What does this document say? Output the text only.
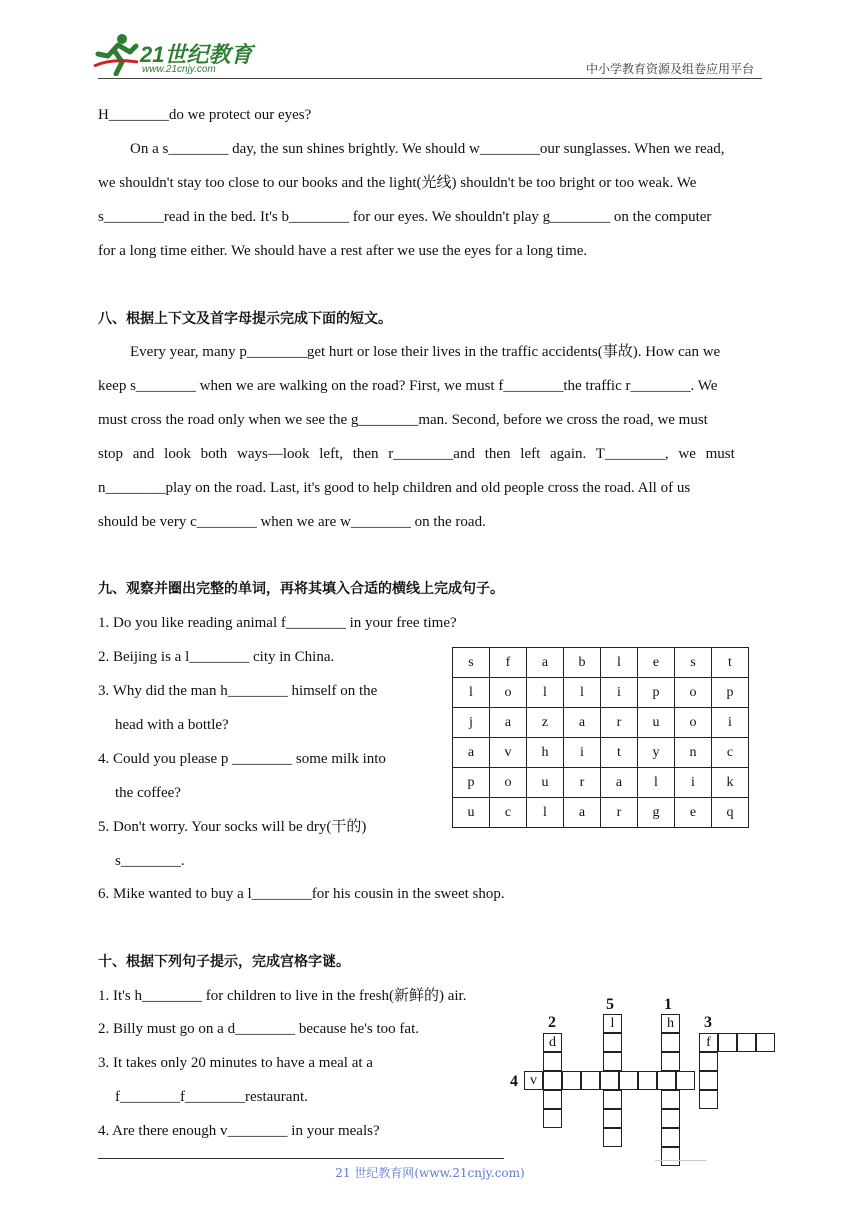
21世纪教育
www.21cnjy.com	中小学教育资源及组卷应用平台

H________do we protect our eyes?

On a s________ day, the sun shines brightly. We should w________our sunglasses. When we read,

we shouldn't stay too close to our books and the light(光线) shouldn't be too bright or too weak. We

s________read in the bed. It's b________ for our eyes. We shouldn't play g________ on the computer

for a long time either. We should have a rest after we use the eyes for a long time.

八、根据上下文及首字母提示完成下面的短文。

Every year, many p________get hurt or lose their lives in the traffic accidents(事故). How can we

keep s________ when we are walking on the road? First, we must f________the traffic r________. We

must cross the road only when we see the g________man. Second, before we cross the road, we must

stop and look both ways—look left, then r________and then left again. T________, we must

n________play on the road. Last, it's good to help children and old people cross the road. All of us

should be very c________ when we are w________ on the road.

九、观察并圈出完整的单词，再将其填入合适的横线上完成句子。

1. Do you like reading animal f________ in your free time?

2. Beijing is a l________ city in China.

3. Why did the man h________ himself on the

head with a bottle?

4. Could you please p ________ some milk into

the coffee?

5. Don't worry. Your socks will be dry(干的)

s________.

6. Mike wanted to buy a l________for his cousin in the sweet shop.

s	f	a	b	l	e	s	t
l	o	l	l	i	p	o	p
j	a	z	a	r	u	o	i
a	v	h	i	t	y	n	c
p	o	u	r	a	l	i	k
u	c	l	a	r	g	e	q

十、根据下列句子提示，完成宫格字谜。

1. It's h________ for children to live in the fresh(新鲜的) air.

2. Billy must go on a d________ because he's too fat.

3. It takes only 20 minutes to have a meal at a

f________f________restaurant.

4. Are there enough v________ in your meals?

5	1
2	3
4
l	h
d	f
v
21 世纪教育网(www.21cnjy.com)
